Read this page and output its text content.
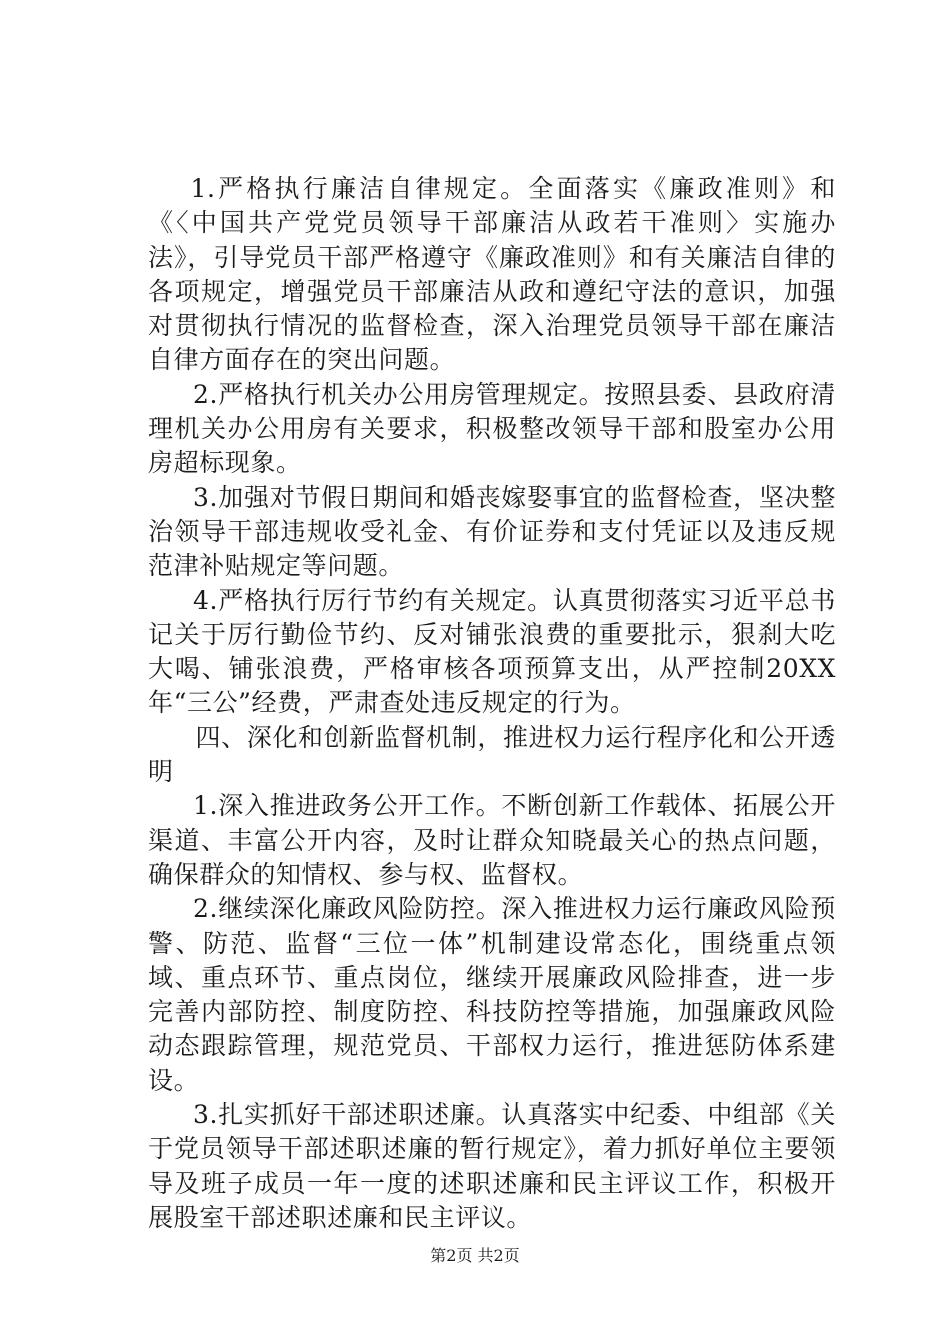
1.严格执行廉洁自律规定。全面落实《廉政准则》和《〈中国共产党党员领导干部廉洁从政若干准则〉实施办法》，引导党员干部严格遵守《廉政准则》和有关廉洁自律的各项规定，增强党员干部廉洁从政和遵纪守法的意识，加强对贯彻执行情况的监督检查，深入治理党员领导干部在廉洁自律方面存在的突出问题。

2.严格执行机关办公用房管理规定。按照县委、县政府清理机关办公用房有关要求，积极整改领导干部和股室办公用房超标现象。

3.加强对节假日期间和婚丧嫁娶事宜的监督检查，坚决整治领导干部违规收受礼金、有价证券和支付凭证以及违反规范津补贴规定等问题。

4.严格执行厉行节约有关规定。认真贯彻落实习近平总书记关于厉行勤俭节约、反对铺张浪费的重要批示，狠刹大吃大喝、铺张浪费，严格审核各项预算支出，从严控制20XX年“三公”经费，严肃查处违反规定的行为。

四、深化和创新监督机制，推进权力运行程序化和公开透明

1.深入推进政务公开工作。不断创新工作载体、拓展公开渠道、丰富公开内容，及时让群众知晓最关心的热点问题，确保群众的知情权、参与权、监督权。

2.继续深化廉政风险防控。深入推进权力运行廉政风险预警、防范、监督“三位一体”机制建设常态化，围绕重点领域、重点环节、重点岗位，继续开展廉政风险排查，进一步完善内部防控、制度防控、科技防控等措施，加强廉政风险动态跟踪管理，规范党员、干部权力运行，推进惩防体系建设。

3.扎实抓好干部述职述廉。认真落实中纪委、中组部《关于党员领导干部述职述廉的暂行规定》，着力抓好单位主要领导及班子成员一年一度的述职述廉和民主评议工作，积极开展股室干部述职述廉和民主评议。

第2页 共2页
